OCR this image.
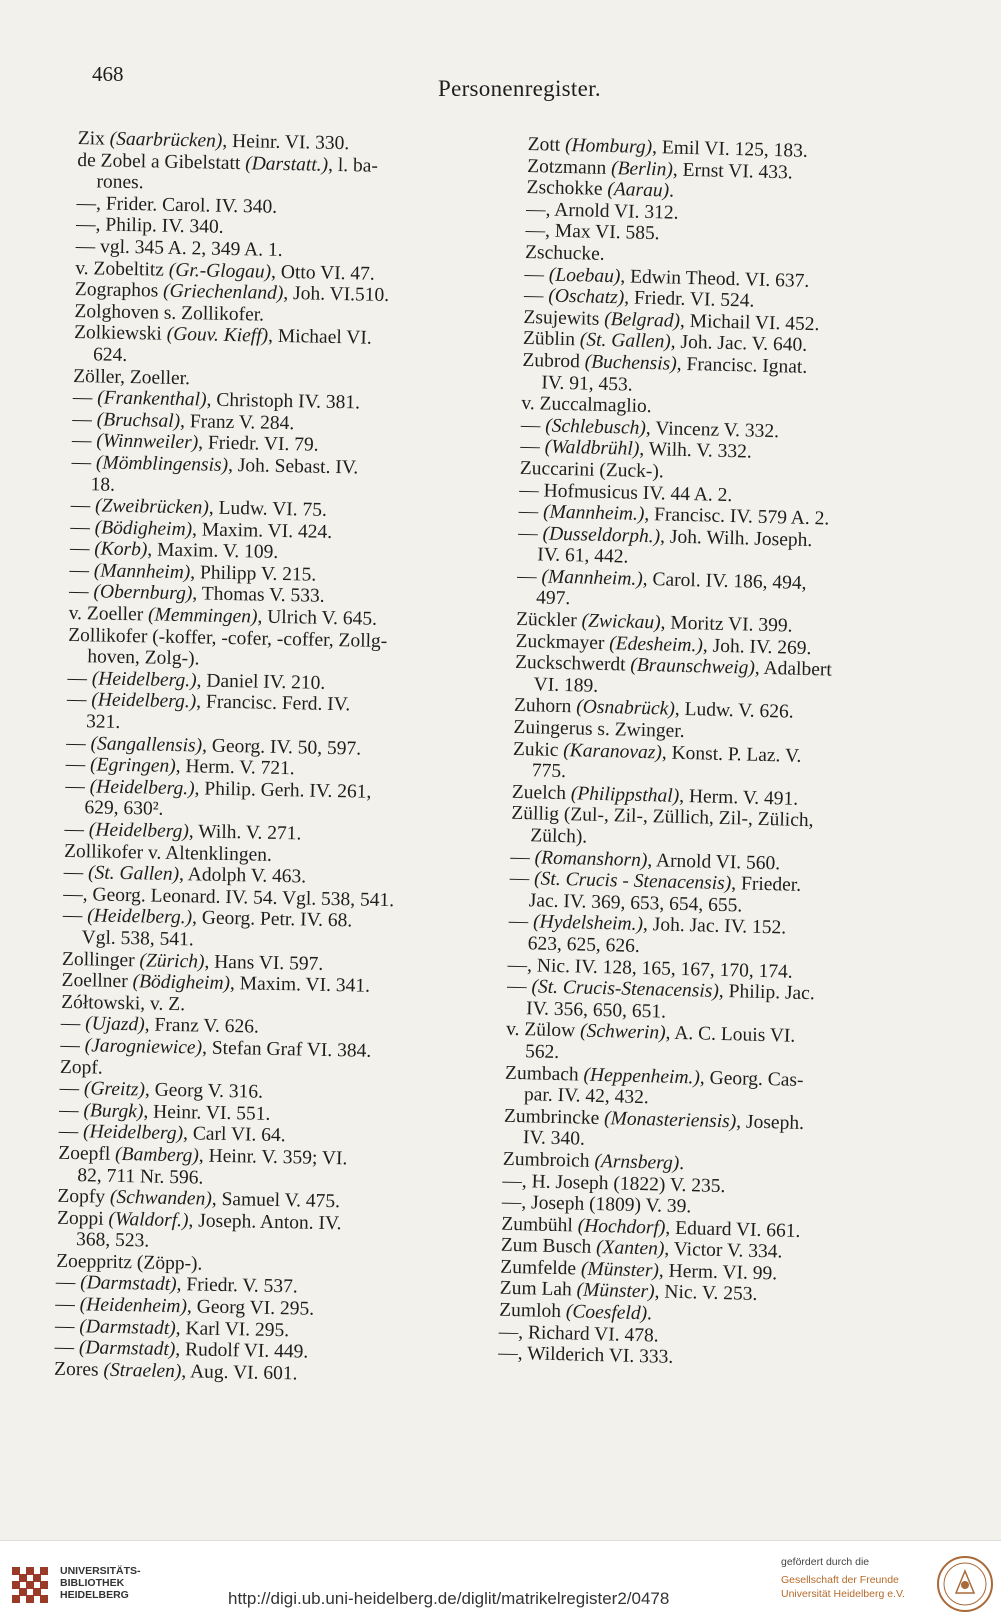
468
Personenregister.
Zix (Saarbrücken), Heinr. VI. 330.
de Zobel a Gibelstatt (Darstatt.), l. ba-
rones.
—, Frider. Carol. IV. 340.
—, Philip. IV. 340.
— vgl. 345 A. 2, 349 A. 1.
v. Zobeltitz (Gr.-Glogau), Otto VI. 47.
Zographos (Griechenland), Joh. VI.510.
Zolghoven s. Zollikofer.
Zolkiewski (Gouv. Kieff), Michael VI.
624.
Zöller, Zoeller.
— (Frankenthal), Christoph IV. 381.
— (Bruchsal), Franz V. 284.
— (Winnweiler), Friedr. VI. 79.
— (Mömblingensis), Joh. Sebast. IV.
18.
— (Zweibrücken), Ludw. VI. 75.
— (Bödigheim), Maxim. VI. 424.
— (Korb), Maxim. V. 109.
— (Mannheim), Philipp V. 215.
— (Obernburg), Thomas V. 533.
v. Zoeller (Memmingen), Ulrich V. 645.
Zollikofer (-koffer, -cofer, -coffer, Zollg-
hoven, Zolg-).
— (Heidelberg.), Daniel IV. 210.
— (Heidelberg.), Francisc. Ferd. IV.
321.
— (Sangallensis), Georg. IV. 50, 597.
— (Egringen), Herm. V. 721.
— (Heidelberg.), Philip. Gerh. IV. 261,
629, 630².
— (Heidelberg), Wilh. V. 271.
Zollikofer v. Altenklingen.
— (St. Gallen), Adolph V. 463.
—, Georg. Leonard. IV. 54. Vgl. 538, 541.
— (Heidelberg.), Georg. Petr. IV. 68.
Vgl. 538, 541.
Zollinger (Zürich), Hans VI. 597.
Zoellner (Bödigheim), Maxim. VI. 341.
Zółtowski, v. Z.
— (Ujazd), Franz V. 626.
— (Jarogniewice), Stefan Graf VI. 384.
Zopf.
— (Greitz), Georg V. 316.
— (Burgk), Heinr. VI. 551.
— (Heidelberg), Carl VI. 64.
Zoepfl (Bamberg), Heinr. V. 359; VI.
82, 711 Nr. 596.
Zopfy (Schwanden), Samuel V. 475.
Zoppi (Waldorf.), Joseph. Anton. IV.
368, 523.
Zoeppritz (Zöpp-).
— (Darmstadt), Friedr. V. 537.
— (Heidenheim), Georg VI. 295.
— (Darmstadt), Karl VI. 295.
— (Darmstadt), Rudolf VI. 449.
Zores (Straelen), Aug. VI. 601.
Zott (Homburg), Emil VI. 125, 183.
Zotzmann (Berlin), Ernst VI. 433.
Zschokke (Aarau).
—, Arnold VI. 312.
—, Max VI. 585.
Zschucke.
— (Loebau), Edwin Theod. VI. 637.
— (Oschatz), Friedr. VI. 524.
Zsujewits (Belgrad), Michail VI. 452.
Züblin (St. Gallen), Joh. Jac. V. 640.
Zubrod (Buchensis), Francisc. Ignat.
IV. 91, 453.
v. Zuccalmaglio.
— (Schlebusch), Vincenz V. 332.
— (Waldbrühl), Wilh. V. 332.
Zuccarini (Zuck-).
— Hofmusicus IV. 44 A. 2.
— (Mannheim.), Francisc. IV. 579 A. 2.
— (Dusseldorph.), Joh. Wilh. Joseph.
IV. 61, 442.
— (Mannheim.), Carol. IV. 186, 494,
497.
Zückler (Zwickau), Moritz VI. 399.
Zuckmayer (Edesheim.), Joh. IV. 269.
Zuckschwerdt (Braunschweig), Adalbert
VI. 189.
Zuhorn (Osnabrück), Ludw. V. 626.
Zuingerus s. Zwinger.
Zukic (Karanovaz), Konst. P. Laz. V.
775.
Zuelch (Philippsthal), Herm. V. 491.
Züllig (Zul-, Zil-, Züllich, Zil-, Zülich,
Zülch).
— (Romanshorn), Arnold VI. 560.
— (St. Crucis - Stenacensis), Frieder.
Jac. IV. 369, 653, 654, 655.
— (Hydelsheim.), Joh. Jac. IV. 152.
623, 625, 626.
—, Nic. IV. 128, 165, 167, 170, 174.
— (St. Crucis-Stenacensis), Philip. Jac.
IV. 356, 650, 651.
v. Zülow (Schwerin), A. C. Louis VI.
562.
Zumbach (Heppenheim.), Georg. Cas-
par. IV. 42, 432.
Zumbrincke (Monasteriensis), Joseph.
IV. 340.
Zumbroich (Arnsberg).
—, H. Joseph (1822) V. 235.
—, Joseph (1809) V. 39.
Zumbühl (Hochdorf), Eduard VI. 661.
Zum Busch (Xanten), Victor V. 334.
Zumfelde (Münster), Herm. VI. 99.
Zum Lah (Münster), Nic. V. 253.
Zumloh (Coesfeld).
—, Richard VI. 478.
—, Wilderich VI. 333.
UNIVERSITÄTS-
BIBLIOTHEK
HEIDELBERG	http://digi.ub.uni-heidelberg.de/diglit/matrikelregister2/0478
gefördert durch die
Gesellschaft der Freunde
Universität Heidelberg e.V.
